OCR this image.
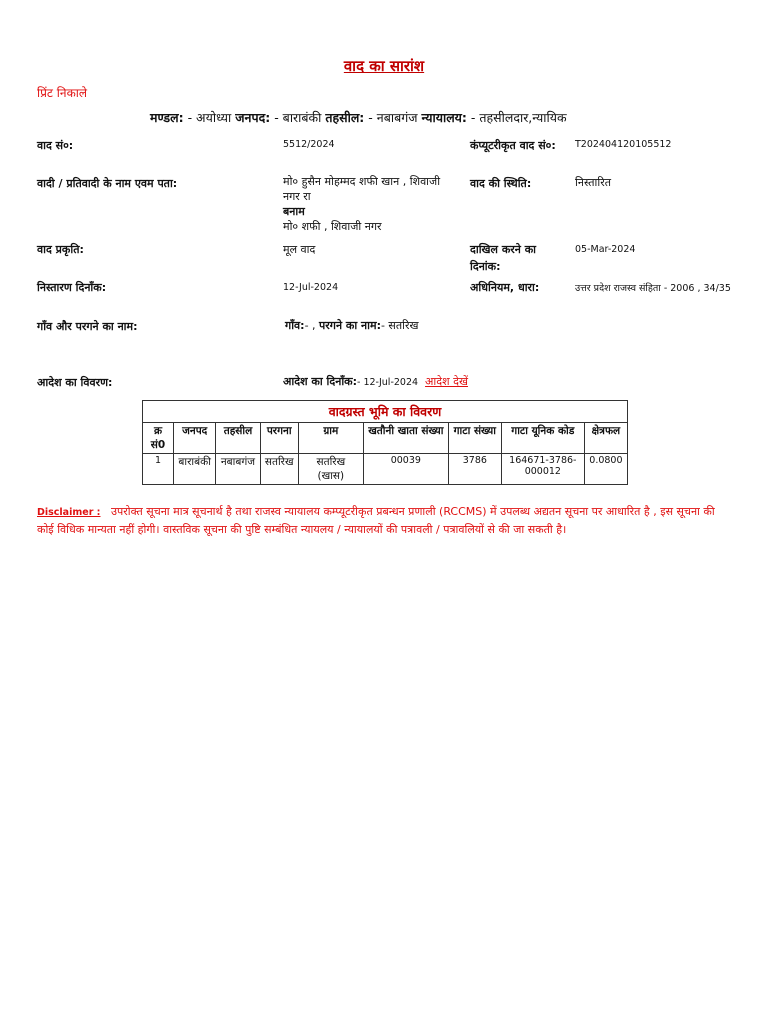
वाद का सारांश
प्रिंट निकाले
मण्डल: - अयोध्या जनपद: - बाराबंकी तहसील: - नबाबगंज न्यायालय: - तहसीलदार,न्यायिक
वाद सं०:	5512/2024	कंप्यूटरीकृत वाद सं०:	T202404120105512
वादी / प्रतिवादी के नाम एवम पता:	मो० हुसैन मोहम्मद शफी खान , शिवाजी नगर रा
बनाम
मो० शफी , शिवाजी नगर
वाद की स्थिति:	निस्तारित
वाद प्रकृति:	मूल वाद	दाखिल करने का दिनांक:
05-Mar-2024
निस्तारण दिनाँक:	12-Jul-2024	अधिनियम, धारा:	उत्तर प्रदेश राजस्व संहिता - 2006 , 34/35
गाँव और परगने का नाम:	गाँव:- , परगने का नाम:- सतरिख
आदेश का विवरण:	आदेश का दिनाँक:- 12-Jul-2024 आदेश देखें
वादग्रस्त भूमि का विवरण								
क्र सं0	जनपद	तहसील	परगना	ग्राम	खतौनी खाता संख्या	गाटा संख्या	गाटा यूनिक कोड	क्षेत्रफल
1	बाराबंकी	नबाबगंज	सतरिख	सतरिख (खास)	00039	3786	164671-3786-000012	0.0800
Disclaimer : उपरोक्त सूचना मात्र सूचनार्थ है तथा राजस्व न्यायालय कम्प्यूटरीकृत प्रबन्धन प्रणाली (RCCMS) में उपलब्ध अद्यतन सूचना पर आधारित है , इस सूचना की कोई विधिक मान्यता नहीं होगी। वास्तविक सूचना की पुष्टि सम्बंधित न्यायलय / न्यायालयों की पत्रावली / पत्रावलियों से की जा सकती है।
